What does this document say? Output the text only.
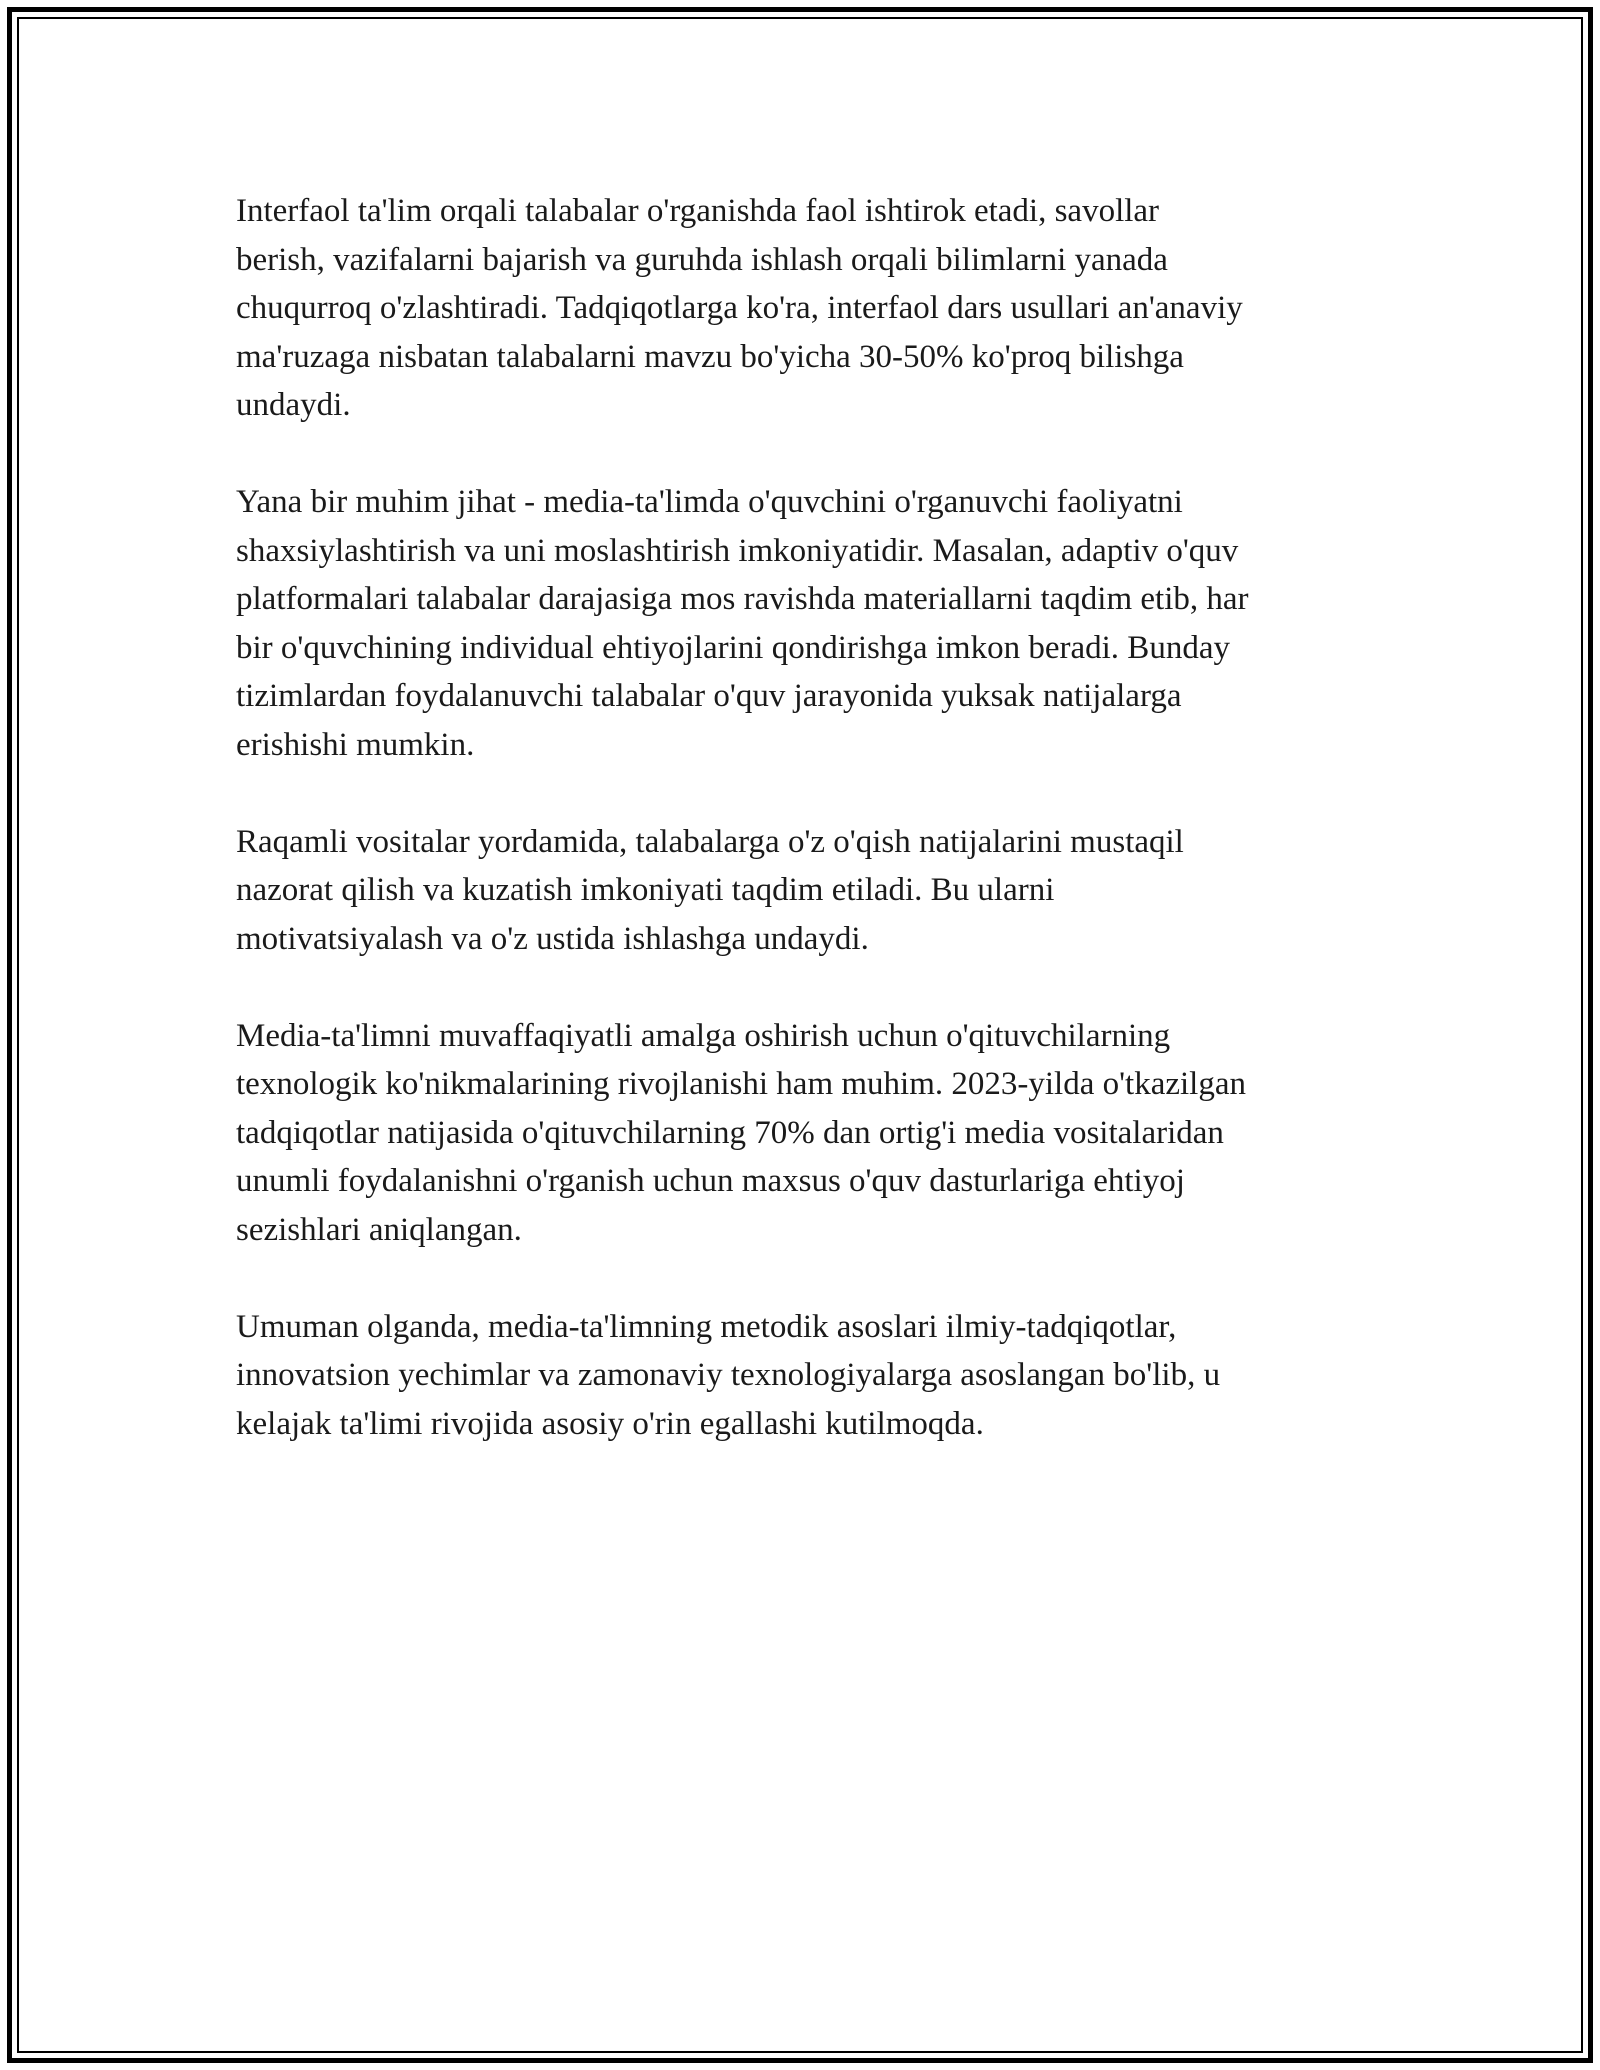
Interfaol ta'lim orqali talabalar o'rganishda faol ishtirok etadi, savollar
berish, vazifalarni bajarish va guruhda ishlash orqali bilimlarni yanada
chuqurroq o'zlashtiradi. Tadqiqotlarga ko'ra, interfaol dars usullari an'anaviy
ma'ruzaga nisbatan talabalarni mavzu bo'yicha 30-50% ko'proq bilishga
undaydi.

Yana bir muhim jihat - media-ta'limda o'quvchini o'rganuvchi faoliyatni
shaxsiylashtirish va uni moslashtirish imkoniyatidir. Masalan, adaptiv o'quv
platformalari talabalar darajasiga mos ravishda materiallarni taqdim etib, har
bir o'quvchining individual ehtiyojlarini qondirishga imkon beradi. Bunday
tizimlardan foydalanuvchi talabalar o'quv jarayonida yuksak natijalarga
erishishi mumkin.

Raqamli vositalar yordamida, talabalarga o'z o'qish natijalarini mustaqil
nazorat qilish va kuzatish imkoniyati taqdim etiladi. Bu ularni
motivatsiyalash va o'z ustida ishlashga undaydi.

Media-ta'limni muvaffaqiyatli amalga oshirish uchun o'qituvchilarning
texnologik ko'nikmalarining rivojlanishi ham muhim. 2023-yilda o'tkazilgan
tadqiqotlar natijasida o'qituvchilarning 70% dan ortig'i media vositalaridan
unumli foydalanishni o'rganish uchun maxsus o'quv dasturlariga ehtiyoj
sezishlari aniqlangan.

Umuman olganda, media-ta'limning metodik asoslari ilmiy-tadqiqotlar,
innovatsion yechimlar va zamonaviy texnologiyalarga asoslangan bo'lib, u
kelajak ta'limi rivojida asosiy o'rin egallashi kutilmoqda.
